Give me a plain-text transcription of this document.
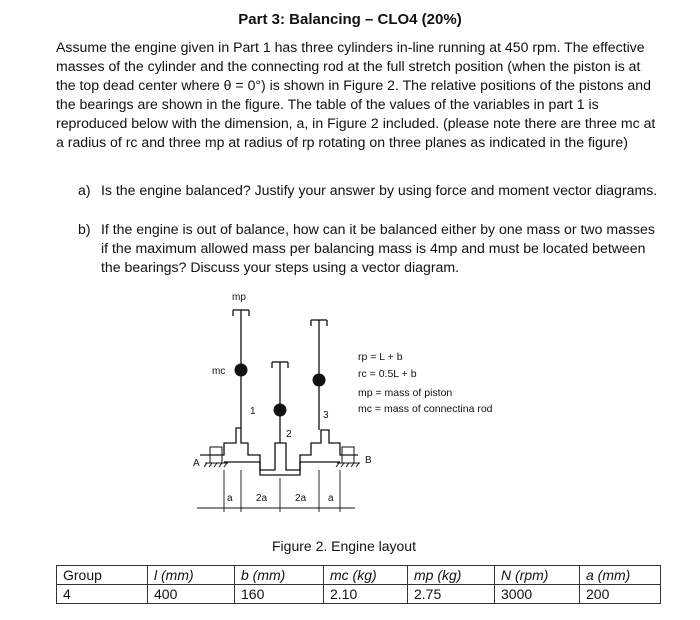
Part 3: Balancing – CLO4 (20%)
Assume the engine given in Part 1 has three cylinders in-line running at 450 rpm. The effective masses of the cylinder and the connecting rod at the full stretch position (when the piston is at the top dead center where θ = 0°) is shown in Figure 2. The relative positions of the pistons and the bearings are shown in the figure. The table of the values of the variables in part 1 is reproduced below with the dimension, a, in Figure 2 included. (please note there are three mc at a radius of rc and three mp at radius of rp rotating on three planes as indicated in the figure)
a) Is the engine balanced? Justify your answer by using force and moment vector diagrams.
b) If the engine is out of balance, how can it be balanced either by one mass or two masses if the maximum allowed mass per balancing mass is 4mp and must be located between the bearings? Discuss your steps using a vector diagram.
mp
mc
1
2
3
A	B
a 2a	2a a
rp = L + b
rc = 0.5L + b
mp = mass of piston
mc = mass of connectina rod
Figure 2. Engine layout
Group	l (mm)	b (mm)	mc (kg)	mp (kg)	N (rpm)	a (mm)
4	400	160	2.10	2.75	3000	200
